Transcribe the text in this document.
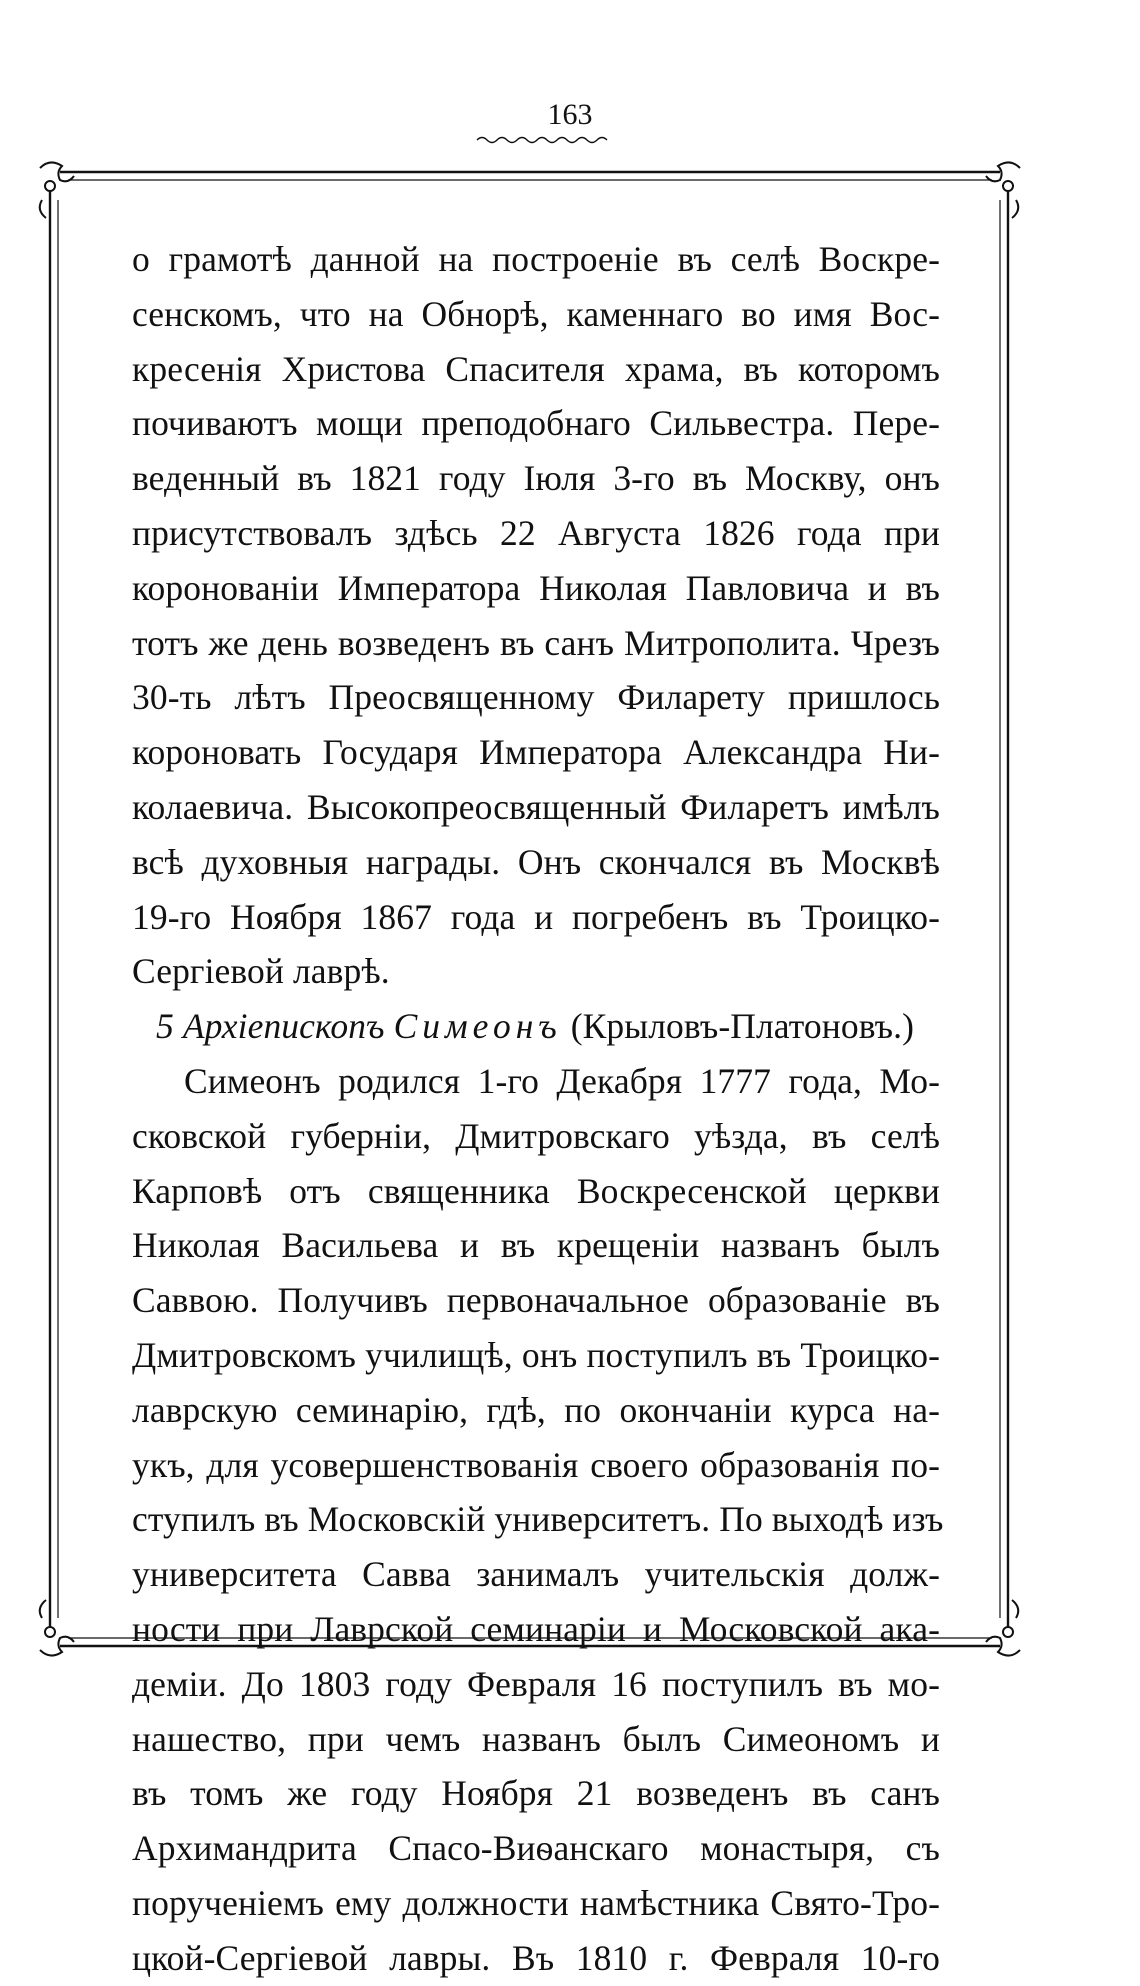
163
о грамотѣ данной на построеніе въ селѣ Воскре-
сенскомъ, что на Обнорѣ, каменнаго во имя Вос-
кресенія Христова Спасителя храма, въ которомъ
почиваютъ мощи преподобнаго Сильвестра. Пере-
веденный въ 1821 году Іюля 3-го въ Москву, онъ
присутствовалъ здѣсь 22 Августа 1826 года при
короновaніи Императора Николая Павловича и въ
тотъ же день возведенъ въ санъ Митрополита. Чрезъ
30-ть лѣтъ Преосвященному Филарету пришлось
короновать Государя Императора Александра Ни-
колаевича. Высокопреосвященный Филаретъ имѣлъ
всѣ духовныя награды. Онъ скончался въ Москвѣ
19-го Ноября 1867 года и погребенъ въ Троицко-
Сергіевой лаврѣ.
5 Архіепископъ Симеонъ (Крыловъ-Платоновъ.)
Симеонъ родился 1-го Декабря 1777 года, Мо-
сковской губерніи, Дмитровскаго уѣзда, въ селѣ
Карповѣ отъ священника Воскресенской церкви
Николая Васильева и въ крещеніи названъ былъ
Саввою. Получивъ первоначальное образованіе въ
Дмитровскомъ училищѣ, онъ поступилъ въ Троицко-
лаврскую семинарію, гдѣ, по окончаніи курса на-
укъ, для усовершенствованія своего образованія по-
ступилъ въ Московскій университетъ. По выходѣ изъ
университета Савва занималъ учительскія долж-
ности при Лаврской семинаріи и Московской ака-
деміи. До 1803 году Февраля 16 поступилъ въ мо-
нашество, при чемъ названъ былъ Симеономъ и
въ томъ же году Ноября 21 возведенъ въ санъ
Архимандрита Спасо-Виѳанскаго монастыря, съ
порученіемъ ему должности намѣстника Свято-Тро-
цкой-Сергіевой лавры. Въ 1810 г. Февраля 10-го
